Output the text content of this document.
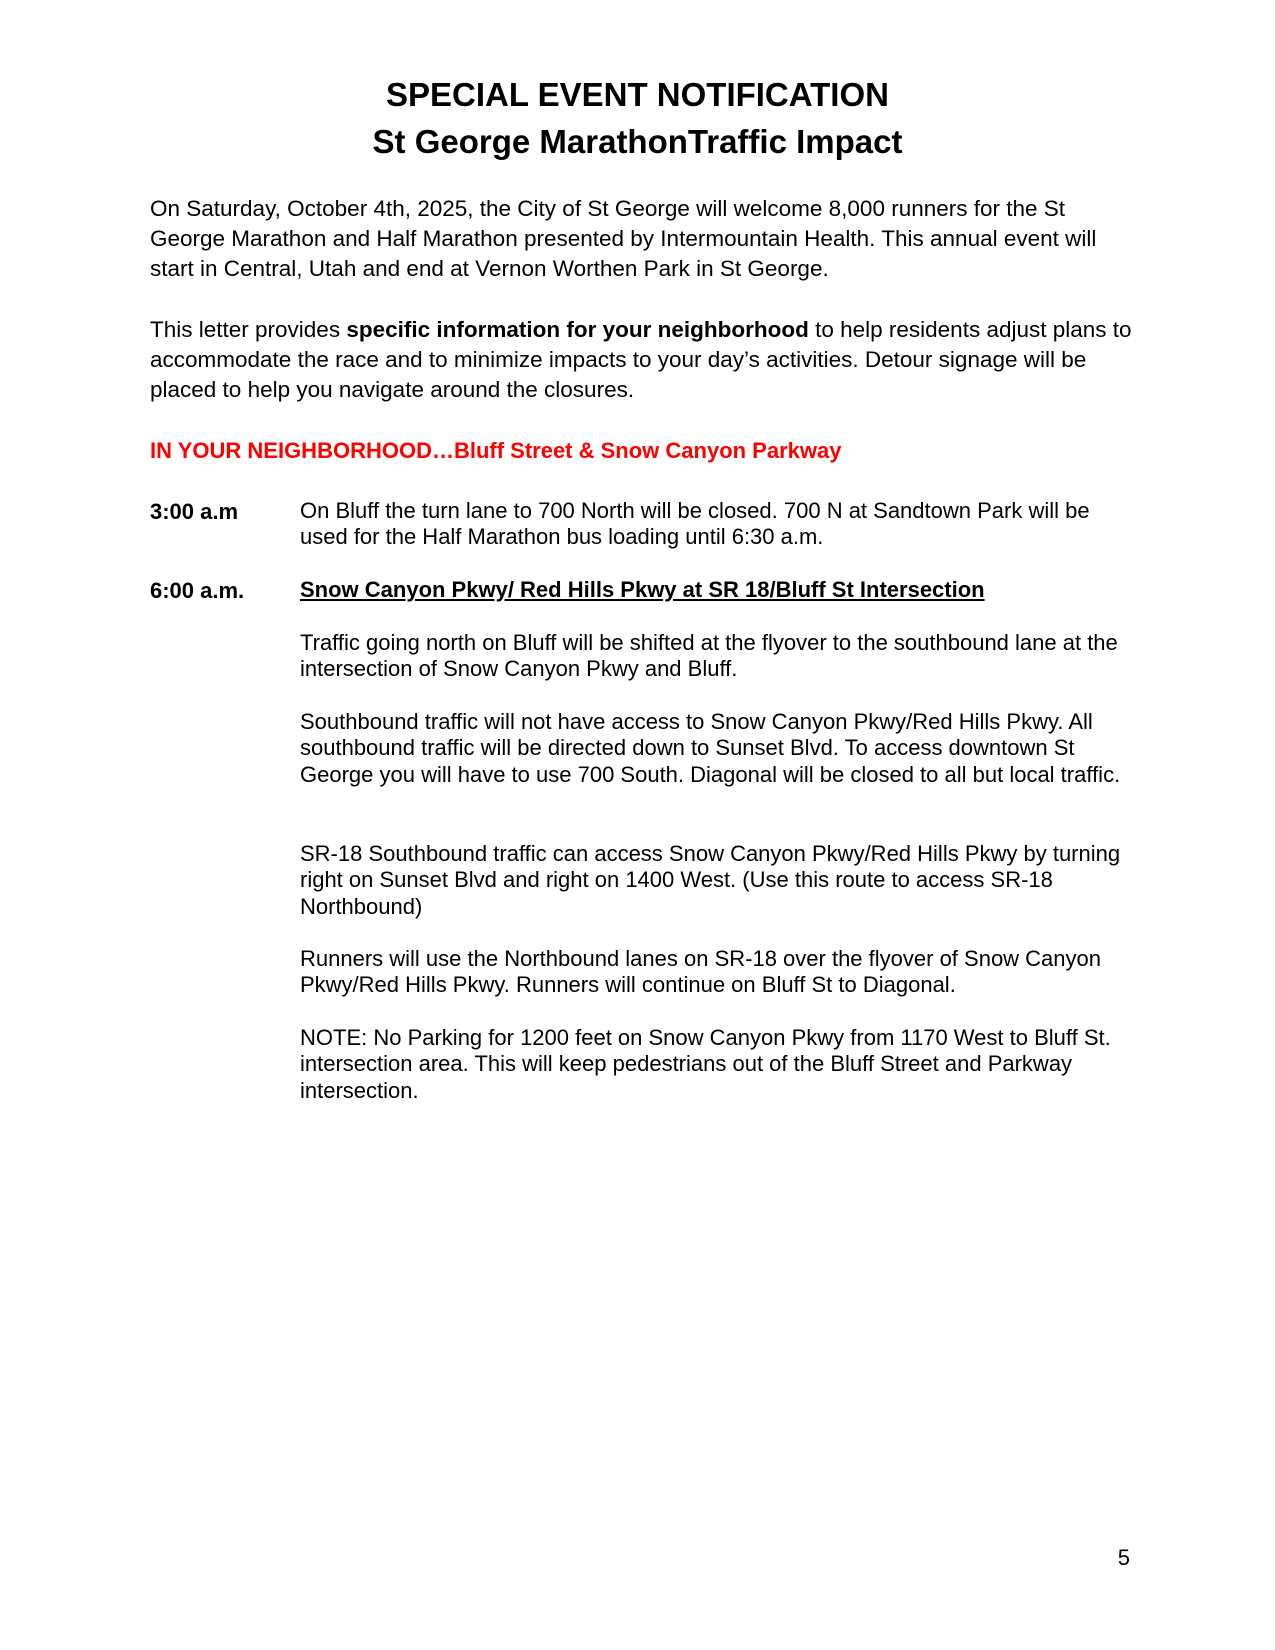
SPECIAL EVENT NOTIFICATION
St George MarathonTraffic Impact

On Saturday, October 4th, 2025, the City of St George will welcome 8,000 runners for the St George Marathon and Half Marathon presented by Intermountain Health. This annual event will start in Central, Utah and end at Vernon Worthen Park in St George.

This letter provides specific information for your neighborhood to help residents adjust plans to accommodate the race and to minimize impacts to your day’s activities. Detour signage will be placed to help you navigate around the closures.

IN YOUR NEIGHBORHOOD…Bluff Street & Snow Canyon Parkway

3:00 a.m	On Bluff the turn lane to 700 North will be closed. 700 N at Sandtown Park will be used for the Half Marathon bus loading until 6:30 a.m.

6:00 a.m.	Snow Canyon Pkwy/ Red Hills Pkwy at SR 18/Bluff St Intersection

Traffic going north on Bluff will be shifted at the flyover to the southbound lane at the intersection of Snow Canyon Pkwy and Bluff.

Southbound traffic will not have access to Snow Canyon Pkwy/Red Hills Pkwy. All southbound traffic will be directed down to Sunset Blvd. To access downtown St George you will have to use 700 South. Diagonal will be closed to all but local traffic.

SR-18 Southbound traffic can access Snow Canyon Pkwy/Red Hills Pkwy by turning right on Sunset Blvd and right on 1400 West. (Use this route to access SR-18 Northbound)

Runners will use the Northbound lanes on SR-18 over the flyover of Snow Canyon Pkwy/Red Hills Pkwy. Runners will continue on Bluff St to Diagonal.

NOTE: No Parking for 1200 feet on Snow Canyon Pkwy from 1170 West to Bluff St. intersection area. This will keep pedestrians out of the Bluff Street and Parkway intersection.

5
